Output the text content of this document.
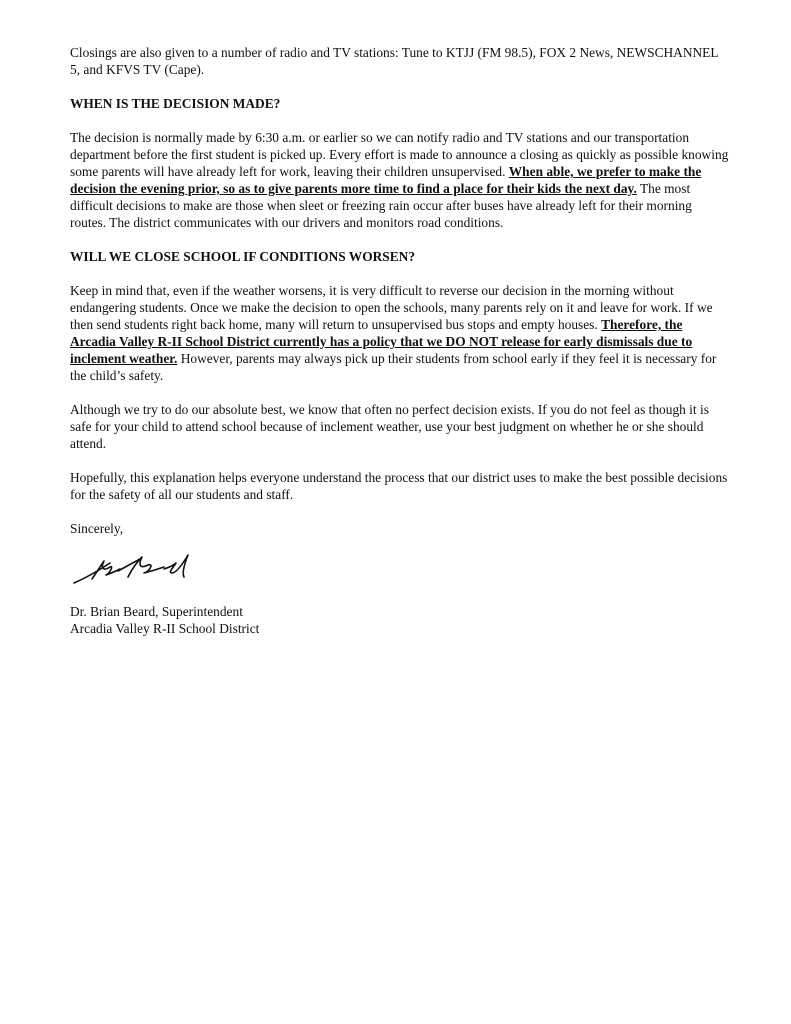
Closings are also given to a number of radio and TV stations: Tune to KTJJ (FM 98.5), FOX 2 News, NEWSCHANNEL 5, and KFVS TV (Cape).

WHEN IS THE DECISION MADE?

The decision is normally made by 6:30 a.m. or earlier so we can notify radio and TV stations and our transportation department before the first student is picked up. Every effort is made to announce a closing as quickly as possible knowing some parents will have already left for work, leaving their children unsupervised. When able, we prefer to make the decision the evening prior, so as to give parents more time to find a place for their kids the next day. The most difficult decisions to make are those when sleet or freezing rain occur after buses have already left for their morning routes. The district communicates with our drivers and monitors road conditions.

WILL WE CLOSE SCHOOL IF CONDITIONS WORSEN?

Keep in mind that, even if the weather worsens, it is very difficult to reverse our decision in the morning without endangering students. Once we make the decision to open the schools, many parents rely on it and leave for work. If we then send students right back home, many will return to unsupervised bus stops and empty houses. Therefore, the Arcadia Valley R-II School District currently has a policy that we DO NOT release for early dismissals due to inclement weather. However, parents may always pick up their students from school early if they feel it is necessary for the child’s safety.

Although we try to do our absolute best, we know that often no perfect decision exists. If you do not feel as though it is safe for your child to attend school because of inclement weather, use your best judgment on whether he or she should attend.

Hopefully, this explanation helps everyone understand the process that our district uses to make the best possible decisions for the safety of all our students and staff.

Sincerely,

Dr. Brian Beard, Superintendent

Arcadia Valley R-II School District
